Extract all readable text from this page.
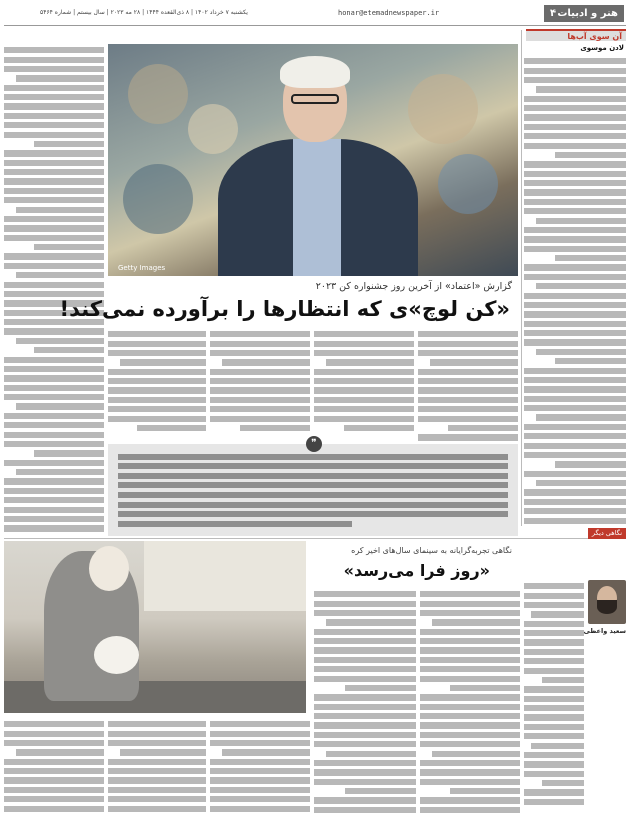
۴ هنر و ادبیات
honar@etemadnewspaper.ir
یکشنبه ۷ خرداد ۱۴۰۲ | ۸ ذی‌القعده ۱۴۴۴ | ۲۸ مه ۲۰۲۳ | سال بیستم | شماره ۵۴۶۴
آن سوی آب‌ها
لادن موسوی
Getty Images
گزارش «اعتماد» از آخرین روز جشنواره کن ۲۰۲۳
«کن لوچ»ی که انتظارها را برآورده نمی‌کند!
❞
نگاهی دیگر
نگاهی تجربه‌گرایانه به سینمای سال‌های اخیر کره
«روز فرا می‌رسد»
سعید واعظی
